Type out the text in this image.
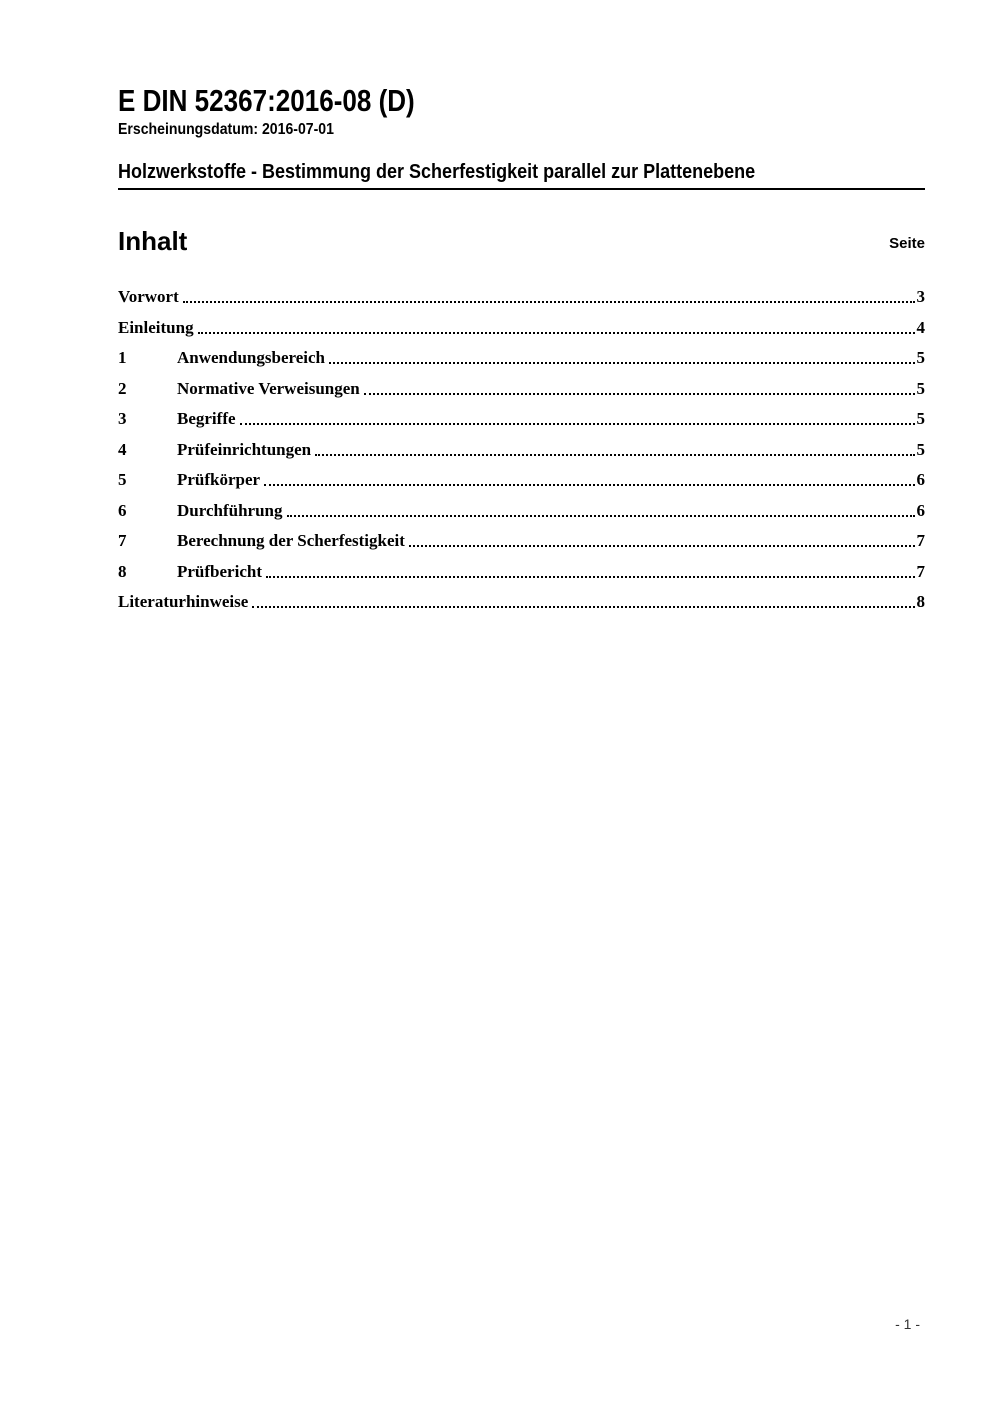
E DIN 52367:2016-08 (D)
Erscheinungsdatum: 2016-07-01
Holzwerkstoffe - Bestimmung der Scherfestigkeit parallel zur Plattenebene
Inhalt	Seite
Vorwort	3
Einleitung	4
1	Anwendungsbereich	5
2	Normative Verweisungen	5
3	Begriffe	5
4	Prüfeinrichtungen	5
5	Prüfkörper	6
6	Durchführung	6
7	Berechnung der Scherfestigkeit	7
8	Prüfbericht	7
Literaturhinweise	8
- 1 -
